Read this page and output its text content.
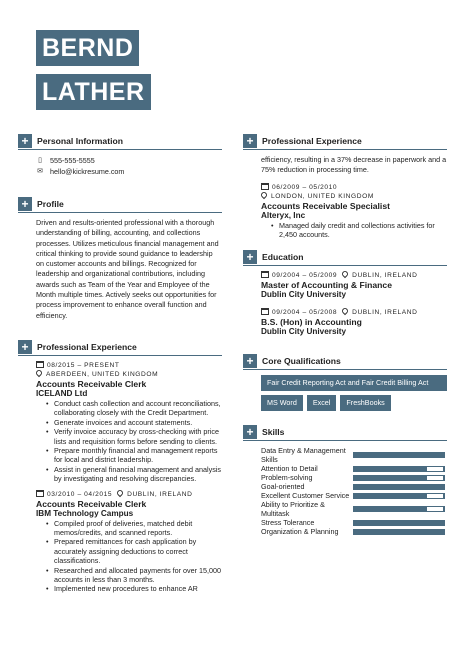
BERND
LATHER
+ Personal Information
▯ 555-555-5555
✉ hello@kickresume.com
+ Profile
Driven and results-oriented professional with a thorough understanding of billing, accounting, and collections processes. Utilizes meticulous financial management and critical thinking to provide sound guidance to leadership on customer accounts and billings. Recognized for leadership and organizational contributions, including awards such as Team of the Year and Employee of the Month multiple times. Actively seeks out opportunities for process improvement to enhance overall function and efficiency.
+ Professional Experience
08/2015 – PRESENT
ABERDEEN, UNITED KINGDOM
Accounts Receivable Clerk
ICELAND Ltd
• Conduct cash collection and account reconciliations, collaborating closely with the Credit Department.
• Generate invoices and account statements.
• Verify invoice accuracy by cross-checking with price lists and requisition forms before sending to clients.
• Prepare monthly financial and management reports for local and district leadership.
• Assist in general financial management and analysis by investigating and resolving discrepancies.
03/2010 – 04/2015 DUBLIN, IRELAND
Accounts Receivable Clerk
IBM Technology Campus
• Compiled proof of deliveries, matched debit memos/credits, and scanned reports.
• Prepared remittances for cash application by accurately assigning deductions to correct classifications.
• Researched and allocated payments for over 15,000 accounts in less than 3 months.
• Implemented new procedures to enhance AR
+ Professional Experience
efficiency, resulting in a 37% decrease in paperwork and a 75% reduction in processing time.
06/2009 – 05/2010
LONDON, UNITED KINGDOM
Accounts Receivable Specialist
Alteryx, Inc
• Managed daily credit and collections activities for 2,450 accounts.
+ Education
09/2004 – 05/2009 DUBLIN, IRELAND
Master of Accounting & Finance
Dublin City University
09/2004 – 05/2008 DUBLIN, IRELAND
B.S. (Hon) in Accounting
Dublin City University
+ Core Qualifications
Fair Credit Reporting Act and Fair Credit Billing Act
MS Word	Excel	FreshBooks
+ Skills
Data Entry & Management Skills
Attention to Detail
Problem-solving
Goal-oriented
Excellent Customer Service
Ability to Prioritize & Multitask
Stress Tolerance
Organization & Planning
